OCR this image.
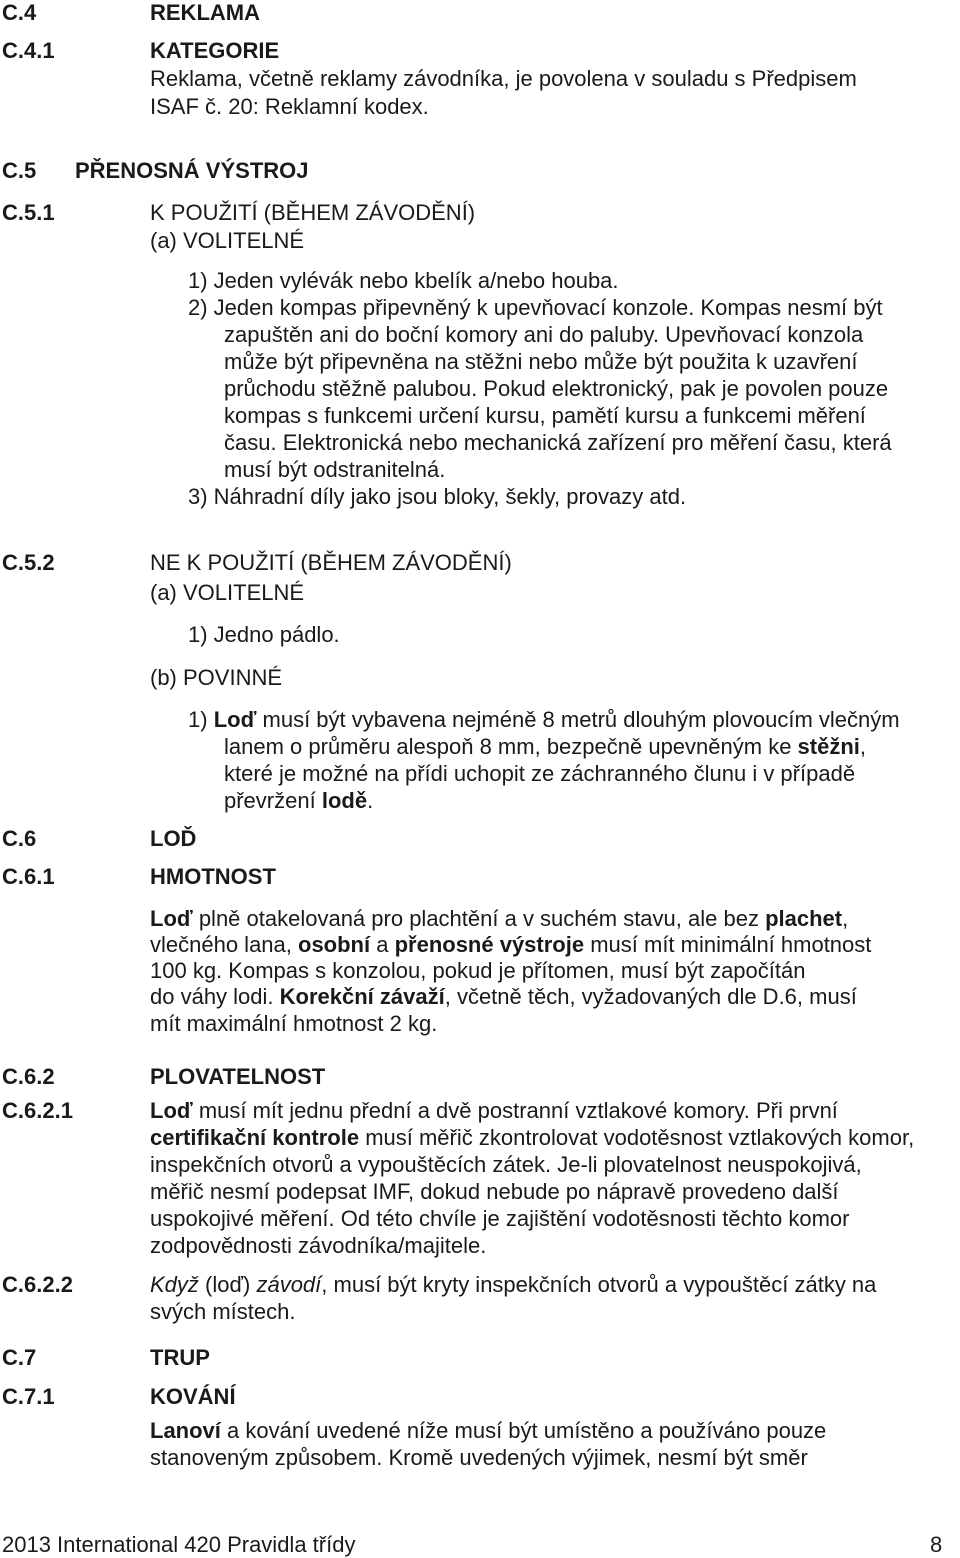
C.4	REKLAMA
C.4.1	KATEGORIE
Reklama, včetně reklamy závodníka, je povolena v souladu s Předpisem
ISAF č. 20: Reklamní kodex.
C.5 PŘENOSNÁ VÝSTROJ
C.5.1	K POUŽITÍ (BĚHEM ZÁVODĚNÍ)
(a) VOLITELNÉ
1) Jeden vylévák nebo kbelík a/nebo houba.
2) Jeden kompas připevněný k upevňovací konzole. Kompas nesmí být
zapuštěn ani do boční komory ani do paluby. Upevňovací konzola
může být připevněna na stěžni nebo může být použita k uzavření
průchodu stěžně palubou. Pokud elektronický, pak je povolen pouze
kompas s funkcemi určení kursu, pamětí kursu a funkcemi měření
času. Elektronická nebo mechanická zařízení pro měření času, která
musí být odstranitelná.
3) Náhradní díly jako jsou bloky, šekly, provazy atd.
C.5.2	NE K POUŽITÍ (BĚHEM ZÁVODĚNÍ)
(a) VOLITELNÉ
1) Jedno pádlo.
(b) POVINNÉ
1) Loď musí být vybavena nejméně 8 metrů dlouhým plovoucím vlečným
lanem o průměru alespoň 8 mm, bezpečně upevněným ke stěžni,
které je možné na přídi uchopit ze záchranného člunu i v případě
převržení lodě.
C.6	LOĎ
C.6.1	HMOTNOST
Loď plně otakelovaná pro plachtění a v suchém stavu, ale bez plachet,
vlečného lana, osobní a přenosné výstroje musí mít minimální hmotnost
100 kg. Kompas s konzolou, pokud je přítomen, musí být započítán
do váhy lodi. Korekční závaží, včetně těch, vyžadovaných dle D.6, musí
mít maximální hmotnost 2 kg.
C.6.2	PLOVATELNOST
C.6.2.1	Loď musí mít jednu přední a dvě postranní vztlakové komory. Při první
certifikační kontrole musí měřič zkontrolovat vodotěsnost vztlakových komor,
inspekčních otvorů a vypouštěcích zátek. Je-li plovatelnost neuspokojivá,
měřič nesmí podepsat IMF, dokud nebude po nápravě provedeno další
uspokojivé měření. Od této chvíle je zajištění vodotěsnosti těchto komor
zodpovědnosti závodníka/majitele.
C.6.2.2	Když (loď) závodí, musí být kryty inspekčních otvorů a vypouštěcí zátky na
svých místech.
C.7	TRUP
C.7.1	KOVÁNÍ
Lanoví a kování uvedené níže musí být umístěno a používáno pouze
stanoveným způsobem. Kromě uvedených výjimek, nesmí být směr
2013 International 420 Pravidla třídy	8
